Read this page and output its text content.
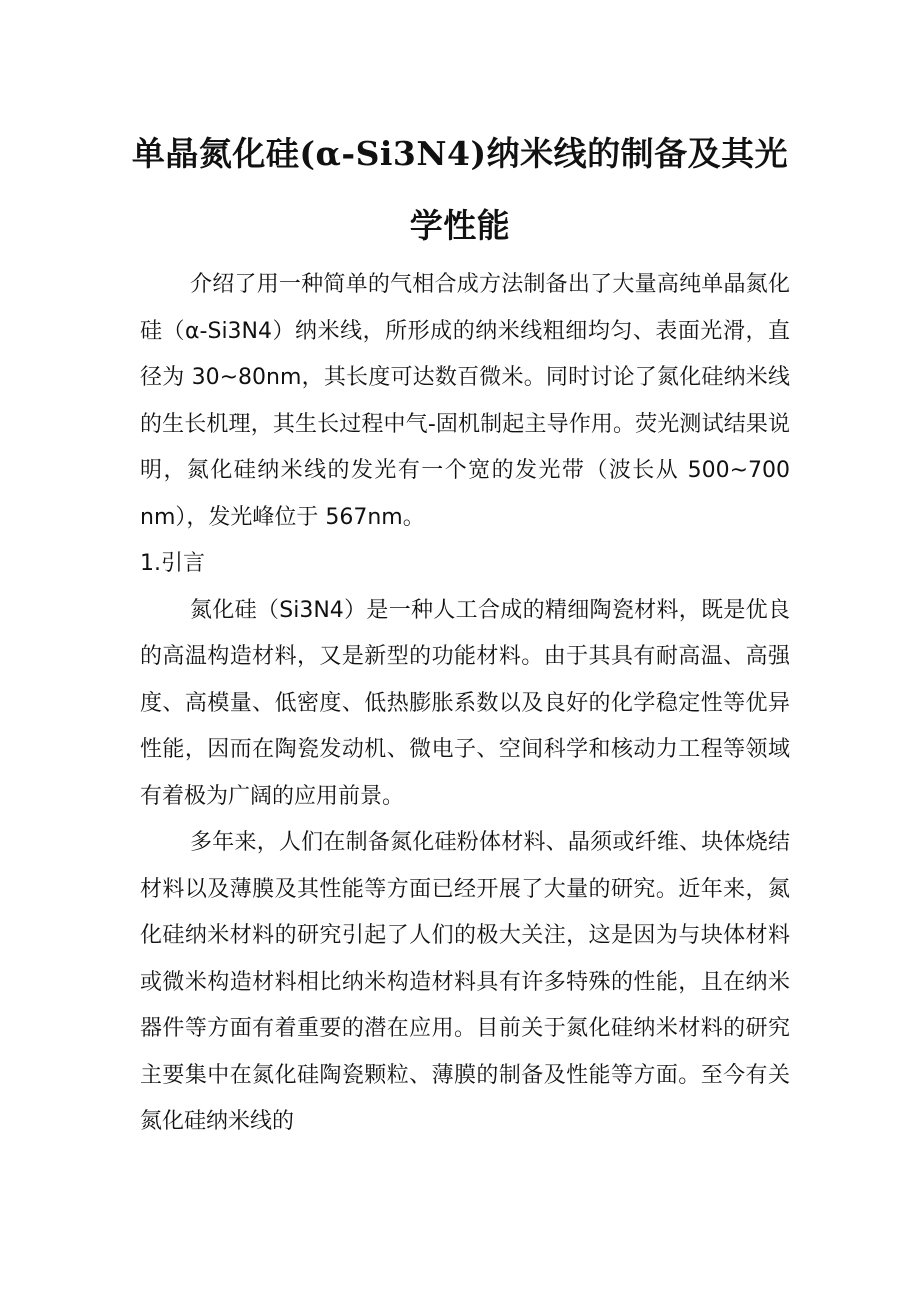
单晶氮化硅(α-Si3N4)纳米线的制备及其光
学性能

介绍了用一种简单的气相合成方法制备出了大量高纯单晶氮化硅（α-Si3N4）纳米线，所形成的纳米线粗细均匀、表面光滑，直径为 30~80nm，其长度可达数百微米。同时讨论了氮化硅纳米线的生长机理，其生长过程中气-固机制起主导作用。荧光测试结果说明，氮化硅纳米线的发光有一个宽的发光带（波长从 500~700 nm），发光峰位于 567nm。

1.引言

氮化硅（Si3N4）是一种人工合成的精细陶瓷材料，既是优良的高温构造材料，又是新型的功能材料。由于其具有耐高温、高强度、高模量、低密度、低热膨胀系数以及良好的化学稳定性等优异性能，因而在陶瓷发动机、微电子、空间科学和核动力工程等领域有着极为广阔的应用前景。

多年来，人们在制备氮化硅粉体材料、晶须或纤维、块体烧结材料以及薄膜及其性能等方面已经开展了大量的研究。近年来，氮化硅纳米材料的研究引起了人们的极大关注，这是因为与块体材料或微米构造材料相比纳米构造材料具有许多特殊的性能，且在纳米器件等方面有着重要的潜在应用。目前关于氮化硅纳米材料的研究主要集中在氮化硅陶瓷颗粒、薄膜的制备及性能等方面。至今有关氮化硅纳米线的
